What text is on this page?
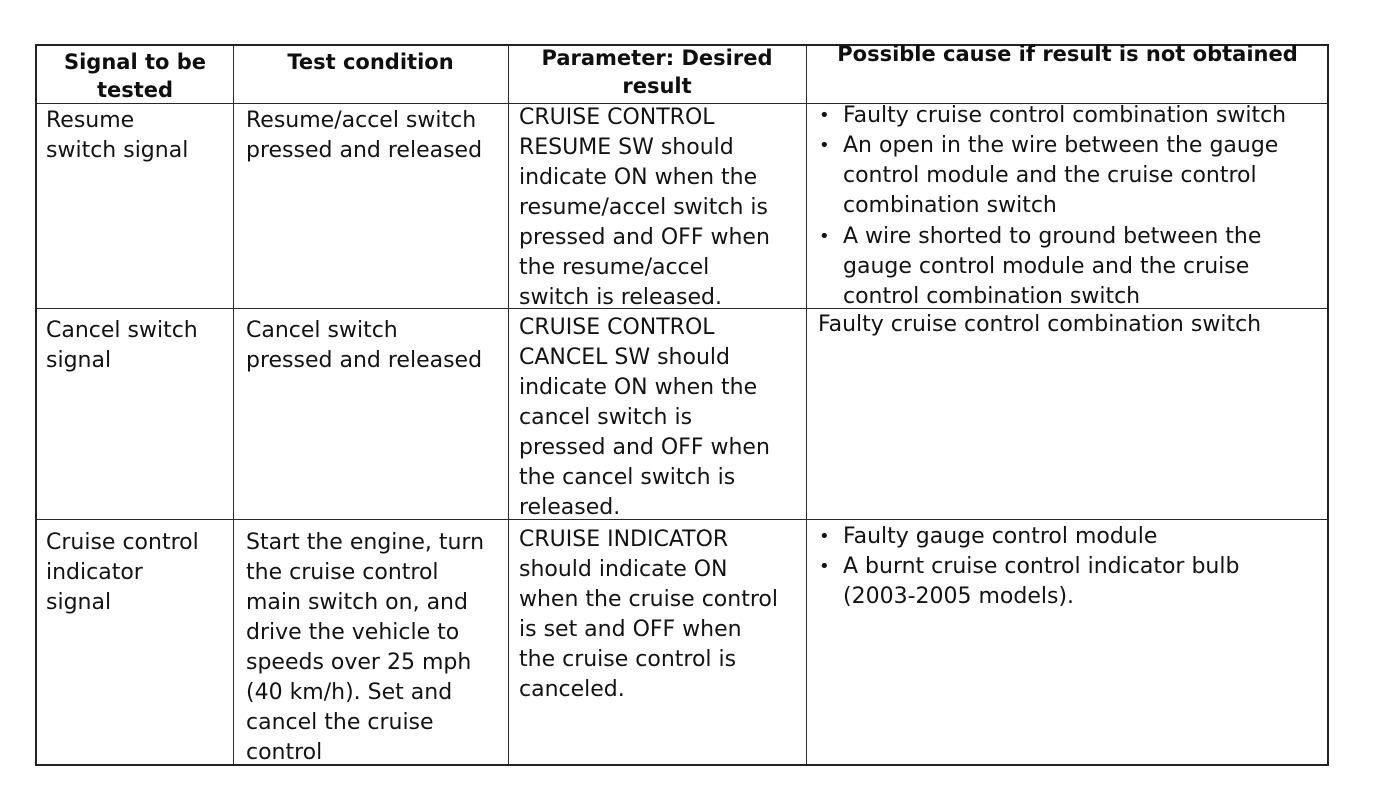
Signal to be
tested
Test condition	Parameter: Desired
result
Possible cause if result is not obtained
Resume
switch signal
Resume/accel switch
pressed and released
CRUISE CONTROL
RESUME SW should
indicate ON when the
resume/accel switch is
pressed and OFF when
the resume/accel
switch is released.
• Faulty cruise control combination switch
• An open in the wire between the gauge
control module and the cruise control
combination switch
• A wire shorted to ground between the
gauge control module and the cruise
control combination switch
Cancel switch
signal
Cancel switch
pressed and released
CRUISE CONTROL
CANCEL SW should
indicate ON when the
cancel switch is
pressed and OFF when
the cancel switch is
released.
Faulty cruise control combination switch
Cruise control
indicator
signal
Start the engine, turn
the cruise control
main switch on, and
drive the vehicle to
speeds over 25 mph
(40 km/h). Set and
cancel the cruise
control
CRUISE INDICATOR
should indicate ON
when the cruise control
is set and OFF when
the cruise control is
canceled.
• Faulty gauge control module
• A burnt cruise control indicator bulb
(2003-2005 models).
